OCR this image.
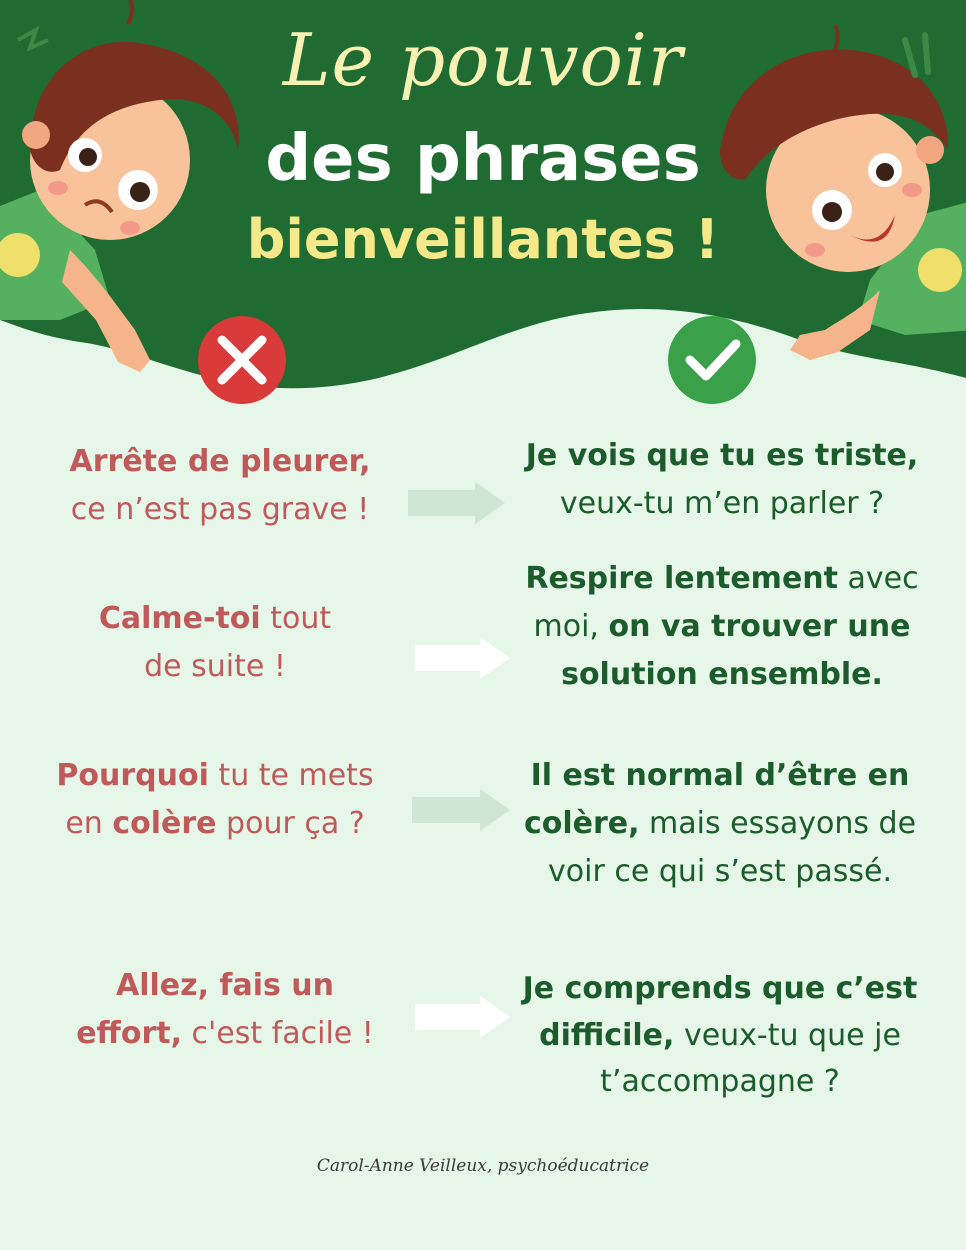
Le pouvoir
des phrases
bienveillantes !
Arrête de pleurer,
ce n’est pas grave !
Je vois que tu es triste,
veux-tu m’en parler ?
Calme-toi tout
de suite !
Respire lentement avec
moi, on va trouver une
solution ensemble.
Pourquoi tu te mets
en colère pour ça ?
Il est normal d’être en
colère, mais essayons de
voir ce qui s’est passé.
Allez, fais un
effort, c'est facile !
Je comprends que c’est
difficile, veux-tu que je
t’accompagne ?
Carol-Anne Veilleux, psychoéducatrice
